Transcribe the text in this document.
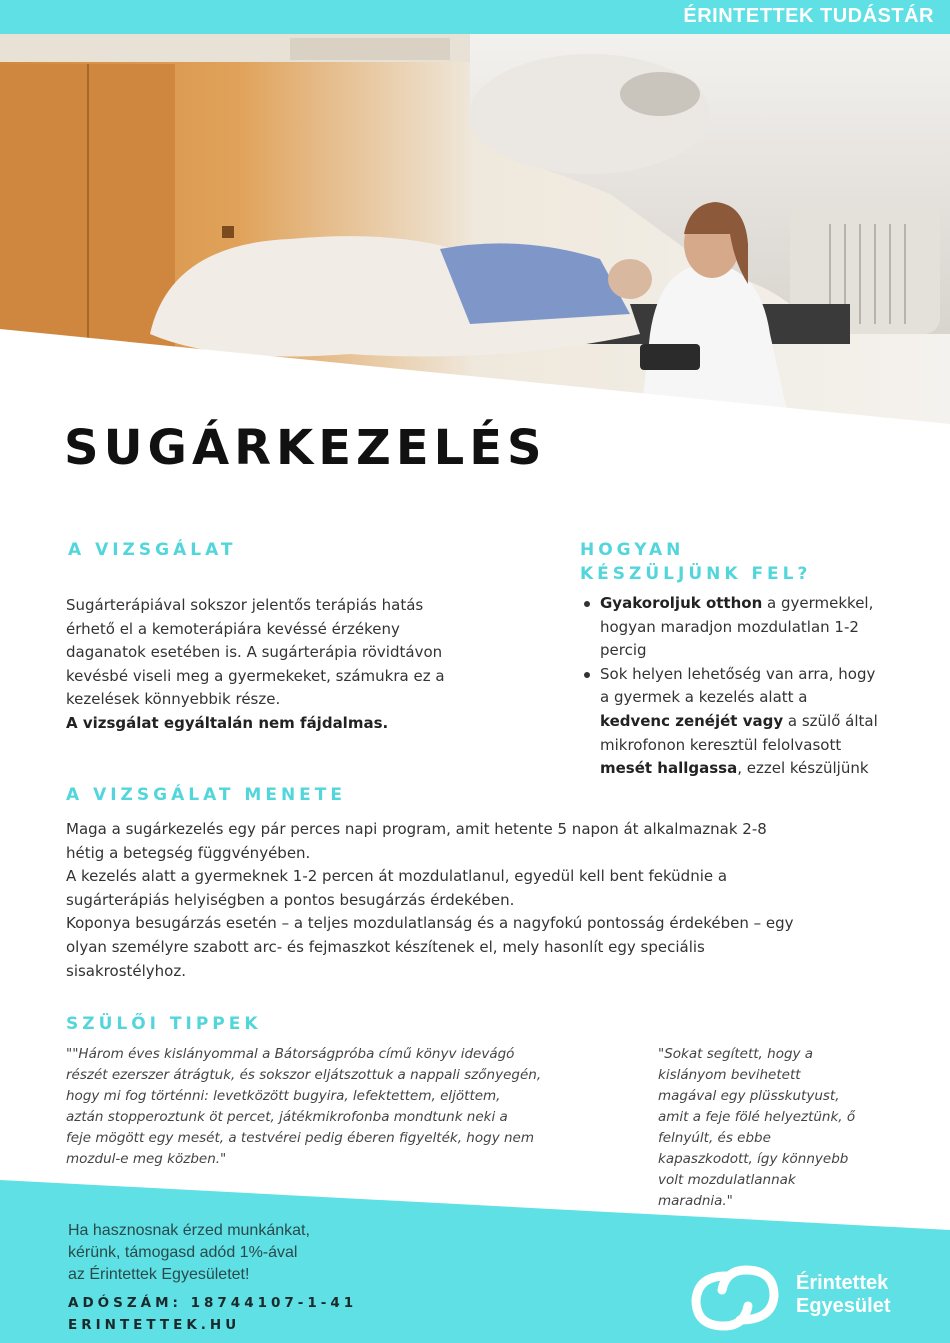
ÉRINTETTEK TUDÁSTÁR
SUGÁRKEZELÉS
A VIZSGÁLAT
Sugárterápiával sokszor jelentős terápiás hatás
érhető el a kemoterápiára kevéssé érzékeny
daganatok esetében is. A sugárterápia rövidtávon
kevésbé viseli meg a gyermekeket, számukra ez a
kezelések könnyebbik része.
A vizsgálat egyáltalán nem fájdalmas.
HOGYAN
KÉSZÜLJÜNK FEL?
Gyakoroljuk otthon a gyermekkel,
hogyan maradjon mozdulatlan 1-2
percig
Sok helyen lehetőség van arra, hogy
a gyermek a kezelés alatt a
kedvenc zenéjét vagy a szülő által
mikrofonon keresztül felolvasott
mesét hallgassa, ezzel készüljünk
A VIZSGÁLAT MENETE
Maga a sugárkezelés egy pár perces napi program, amit hetente 5 napon át alkalmaznak 2-8
hétig a betegség függvényében.
A kezelés alatt a gyermeknek 1-2 percen át mozdulatlanul, egyedül kell bent feküdnie a
sugárterápiás helyiségben a pontos besugárzás érdekében.
Koponya besugárzás esetén – a teljes mozdulatlanság és a nagyfokú pontosság érdekében – egy
olyan személyre szabott arc- és fejmaszkot készítenek el, mely hasonlít egy speciális
sisakrostélyhoz.
SZÜLŐI TIPPEK
""Három éves kislányommal a Bátorságpróba című könyv idevágó
részét ezerszer átrágtuk, és sokszor eljátszottuk a nappali szőnyegén,
hogy mi fog történni: levetközött bugyira, lefektettem, eljöttem,
aztán stopperoztunk öt percet, játékmikrofonba mondtunk neki a
feje mögött egy mesét, a testvérei pedig éberen figyelték, hogy nem
mozdul-e meg közben."
"Sokat segített, hogy a
kislányom bevihetett
magával egy plüsskutyust,
amit a feje fölé helyeztünk, ő
felnyúlt, és ebbe
kapaszkodott, így könnyebb
volt mozdulatlannak
maradnia."
Ha hasznosnak érzed munkánkat,
kérünk, támogasd adód 1%-ával
az Érintettek Egyesületet!
ADÓSZÁM: 18744107-1-41
ERINTETTEK.HU
Érintettek
Egyesület
